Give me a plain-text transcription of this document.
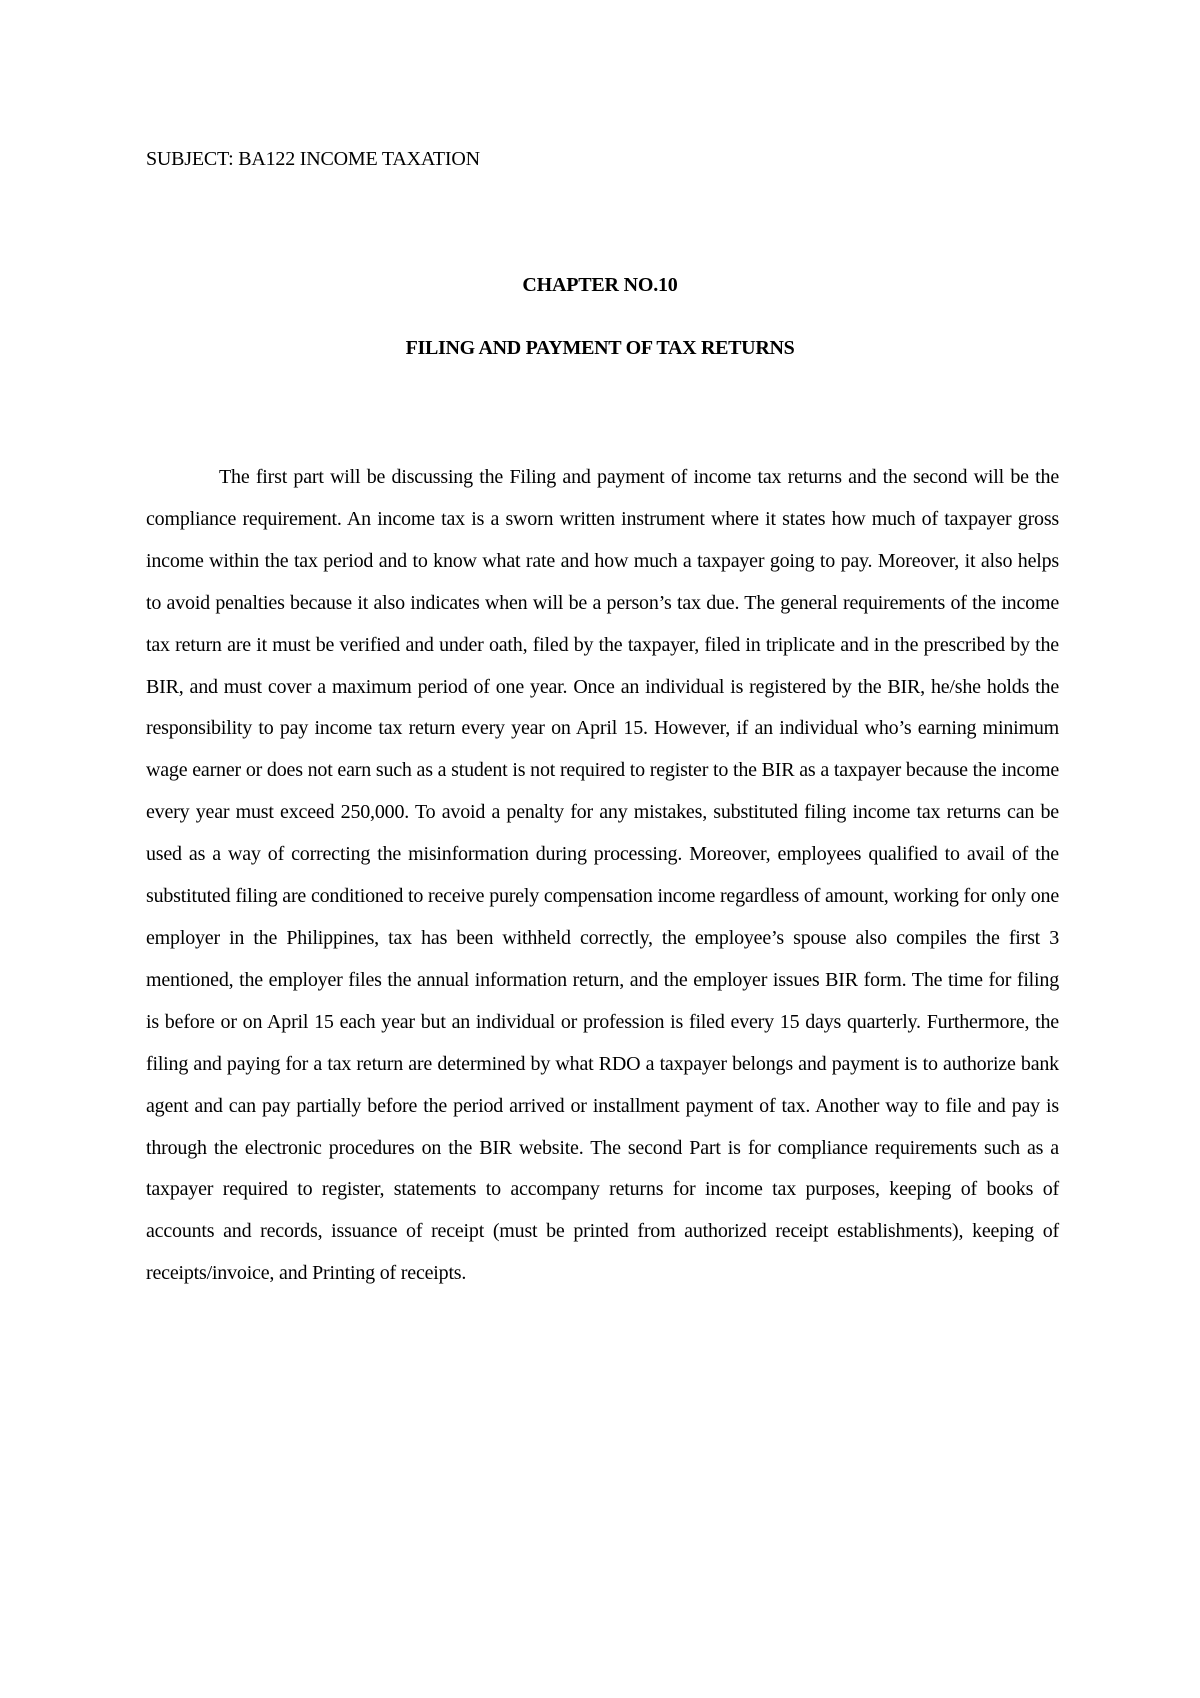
SUBJECT: BA122 INCOME TAXATION
CHAPTER NO.10
FILING AND PAYMENT OF TAX RETURNS

The first part will be discussing the Filing and payment of income tax returns and the second will be the compliance requirement. An income tax is a sworn written instrument where it states how much of taxpayer gross income within the tax period and to know what rate and how much a taxpayer going to pay. Moreover, it also helps to avoid penalties because it also indicates when will be a person’s tax due. The general requirements of the income tax return are it must be verified and under oath, filed by the taxpayer, filed in triplicate and in the prescribed by the BIR, and must cover a maximum period of one year. Once an individual is registered by the BIR, he/she holds the responsibility to pay income tax return every year on April 15. However, if an individual who’s earning minimum wage earner or does not earn such as a student is not required to register to the BIR as a taxpayer because the income every year must exceed 250,000. To avoid a penalty for any mistakes, substituted filing income tax returns can be used as a way of correcting the misinformation during processing. Moreover, employees qualified to avail of the substituted filing are conditioned to receive purely compensation income regardless of amount, working for only one employer in the Philippines, tax has been withheld correctly, the employee’s spouse also compiles the first 3 mentioned, the employer files the annual information return, and the employer issues BIR form. The time for filing is before or on April 15 each year but an individual or profession is filed every 15 days quarterly. Furthermore, the filing and paying for a tax return are determined by what RDO a taxpayer belongs and payment is to authorize bank agent and can pay partially before the period arrived or installment payment of tax. Another way to file and pay is through the electronic procedures on the BIR website. The second Part is for compliance requirements such as a taxpayer required to register, statements to accompany returns for income tax purposes, keeping of books of accounts and records, issuance of receipt (must be printed from authorized receipt establishments), keeping of receipts/invoice, and Printing of receipts.
